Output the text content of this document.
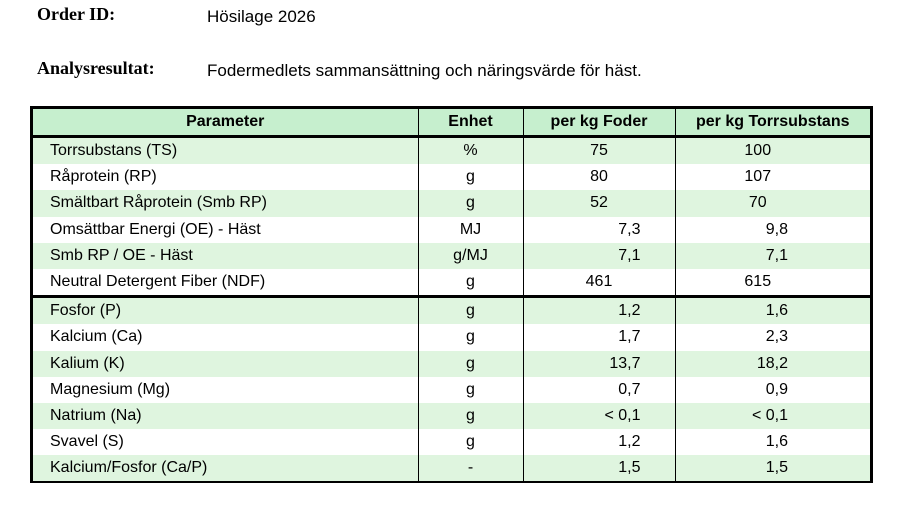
Order ID:	Hösilage 2026
Analysresultat:	Fodermedlets sammansättning och näringsvärde för häst.
Parameter	Enhet	per kg Foder	per kg Torrsubstans
Torrsubstans (TS)	%	75	100
Råprotein (RP)	g	80	107
Smältbart Råprotein (Smb RP)	g	52	70
Omsättbar Energi (OE) - Häst	MJ	7,3	9,8
Smb RP / OE - Häst	g/MJ	7,1	7,1
Neutral Detergent Fiber (NDF)	g	461	615
Fosfor (P)	g	1,2	1,6
Kalcium (Ca)	g	1,7	2,3
Kalium (K)	g	13,7	18,2
Magnesium (Mg)	g	0,7	0,9
Natrium (Na)	g	< 0,1	< 0,1
Svavel (S)	g	1,2	1,6
Kalcium/Fosfor (Ca/P)	-	1,5	1,5
